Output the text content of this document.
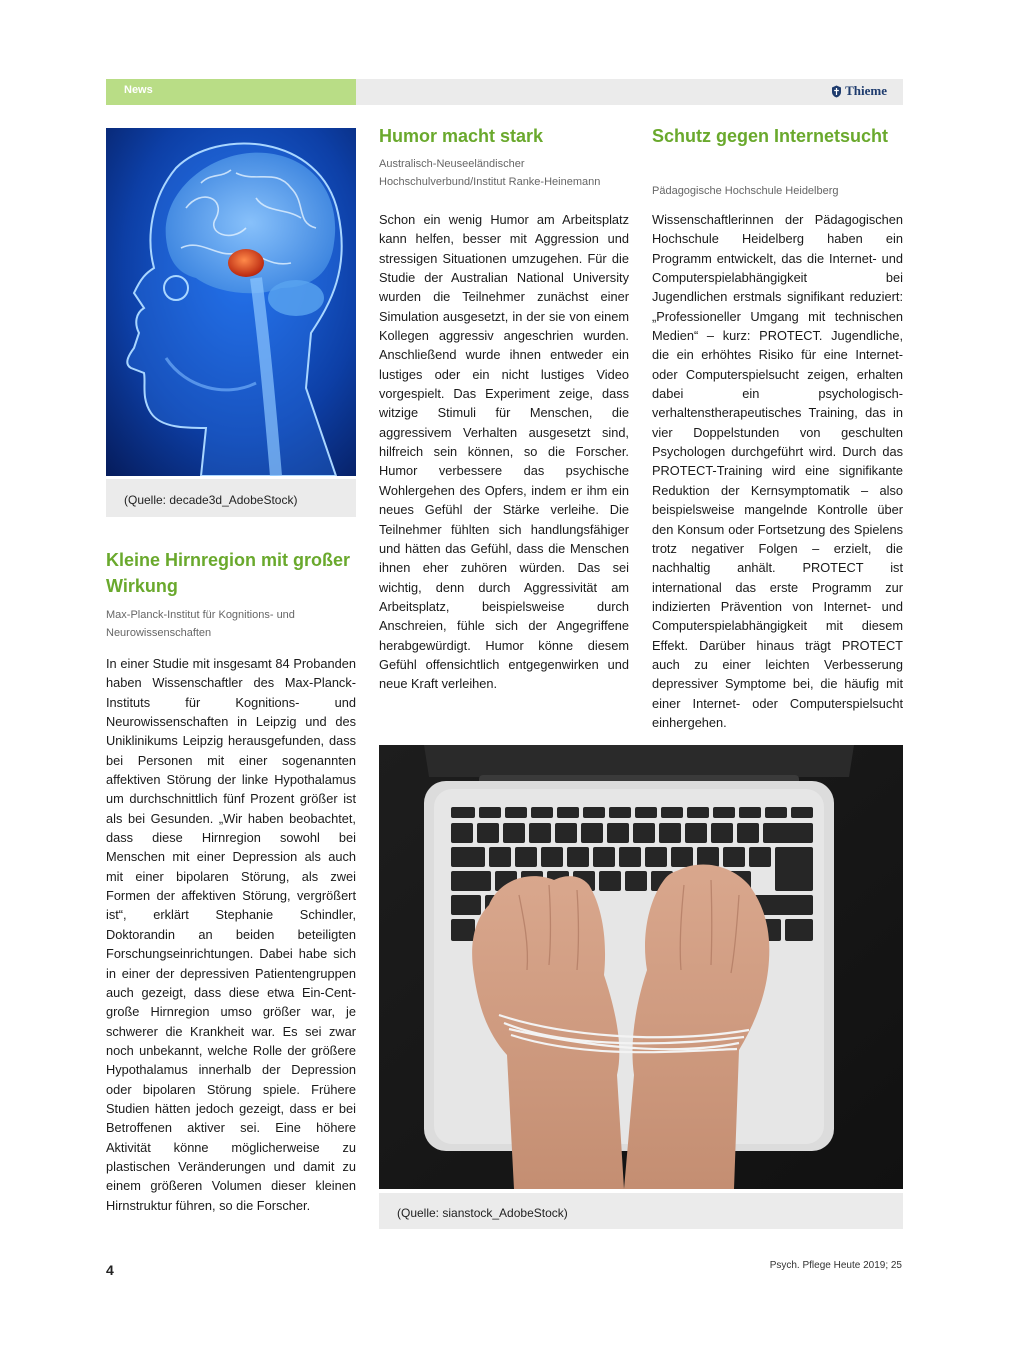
News	Thieme
(Quelle: decade3d_AdobeStock)
Kleine Hirnregion mit großer Wirkung
Max-Planck-Institut für Kognitions- und Neurowissenschaften
In einer Studie mit insgesamt 84 Probanden haben Wissenschaftler des Max-Planck-Instituts für Kognitions- und Neurowissenschaften in Leipzig und des Uniklinikums Leipzig herausgefunden, dass bei Personen mit einer sogenannten affektiven Störung der linke Hypothalamus um durchschnittlich fünf Prozent größer ist als bei Gesunden. „Wir haben beobachtet, dass diese Hirnregion sowohl bei Menschen mit einer Depression als auch mit einer bipolaren Störung, als zwei Formen der affektiven Störung, vergrößert ist“, erklärt Stephanie Schindler, Doktorandin an beiden beteiligten Forschungseinrichtungen. Dabei habe sich in einer der depressiven Patientengruppen auch gezeigt, dass diese etwa Ein-Cent-große Hirnregion umso größer war, je schwerer die Krankheit war. Es sei zwar noch unbekannt, welche Rolle der größere Hypothalamus innerhalb der Depression oder bipolaren Störung spiele. Frühere Studien hätten jedoch gezeigt, dass er bei Betroffenen aktiver sei. Eine höhere Aktivität könne möglicherweise zu plastischen Veränderungen und damit zu einem größeren Volumen dieser kleinen Hirnstruktur führen, so die Forscher.
Humor macht stark
Australisch-Neuseeländischer Hochschulverbund/Institut Ranke-Heinemann
Schon ein wenig Humor am Arbeitsplatz kann helfen, besser mit Aggression und stressigen Situationen umzugehen. Für die Studie der Australian National University wurden die Teilnehmer zunächst einer Simulation ausgesetzt, in der sie von einem Kollegen aggressiv angeschrien wurden. Anschließend wurde ihnen entweder ein lustiges oder ein nicht lustiges Video vorgespielt. Das Experiment zeige, dass witzige Stimuli für Menschen, die aggressivem Verhalten ausgesetzt sind, hilfreich sein können, so die Forscher. Humor verbessere das psychische Wohlergehen des Opfers, indem er ihm ein neues Gefühl der Stärke verleihe. Die Teilnehmer fühlten sich handlungsfähiger und hätten das Gefühl, dass die Menschen ihnen eher zuhören würden. Das sei wichtig, denn durch Aggressivität am Arbeitsplatz, beispielsweise durch Anschreien, fühle sich der Angegriffene herabgewürdigt. Humor könne diesem Gefühl offensichtlich entgegenwirken und neue Kraft verleihen.
Schutz gegen Internetsucht
Pädagogische Hochschule Heidelberg
Wissenschaftlerinnen der Pädagogischen Hochschule Heidelberg haben ein Programm entwickelt, das die Internet- und Computerspielabhängigkeit bei Jugendlichen erstmals signifikant reduziert: „Professioneller Umgang mit technischen Medien“ – kurz: PROTECT. Jugendliche, die ein erhöhtes Risiko für eine Internet- oder Computerspielsucht zeigen, erhalten dabei ein psychologisch-verhaltenstherapeutisches Training, das in vier Doppelstunden von geschulten Psychologen durchgeführt wird. Durch das PROTECT-Training wird eine signifikante Reduktion der Kernsymptomatik – also beispielsweise mangelnde Kontrolle über den Konsum oder Fortsetzung des Spielens trotz negativer Folgen – erzielt, die nachhaltig anhält. PROTECT ist international das erste Programm zur indizierten Prävention von Internet- und Computerspielabhängigkeit mit diesem Effekt. Darüber hinaus trägt PROTECT auch zu einer leichten Verbesserung depressiver Symptome bei, die häufig mit einer Internet- oder Computerspielsucht einhergehen.
(Quelle: sianstock_AdobeStock)
4	Psych. Pflege Heute 2019; 25
